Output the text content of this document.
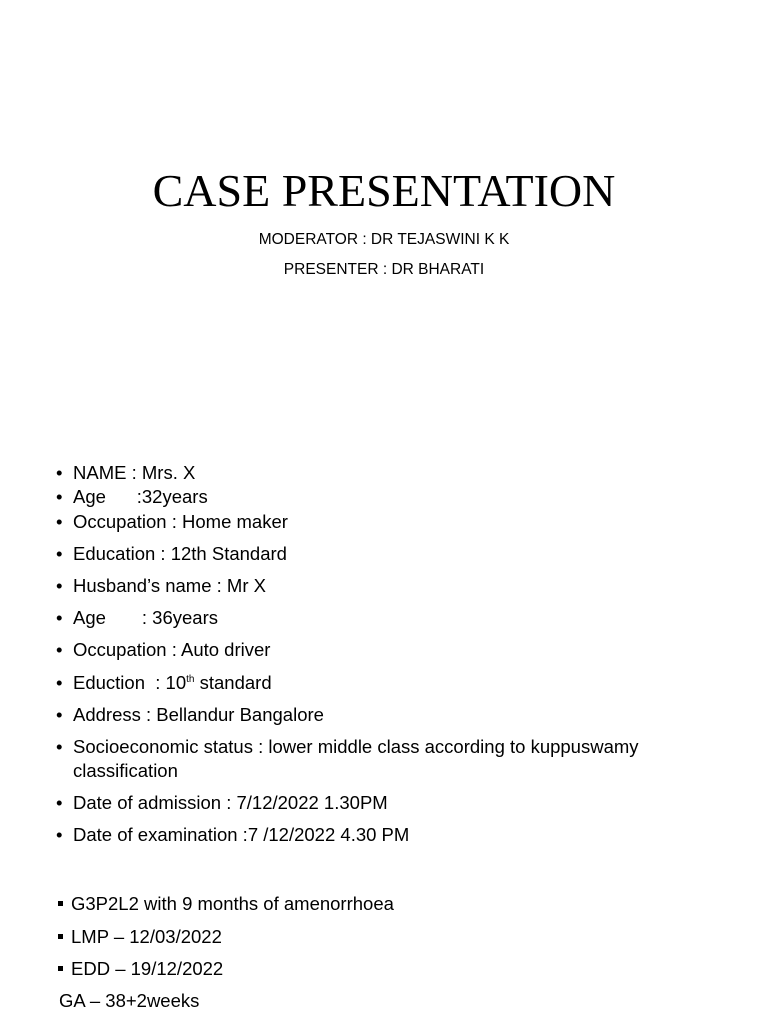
CASE PRESENTATION
MODERATOR : DR TEJASWINI K K
PRESENTER : DR BHARATI
• NAME : Mrs. X
• Age      :32years
• Occupation : Home maker
• Education : 12th Standard
• Husband’s name : Mr X
• Age       : 36years
• Occupation : Auto driver
• Eduction  : 10th standard
• Address : Bellandur Bangalore
• Socioeconomic status : lower middle class according to kuppuswamy classification
• Date of admission : 7/12/2022 1.30PM
• Date of examination :7 /12/2022 4.30 PM
G3P2L2 with 9 months of amenorrhoea
LMP – 12/03/2022
EDD – 19/12/2022
GA – 38+2weeks
